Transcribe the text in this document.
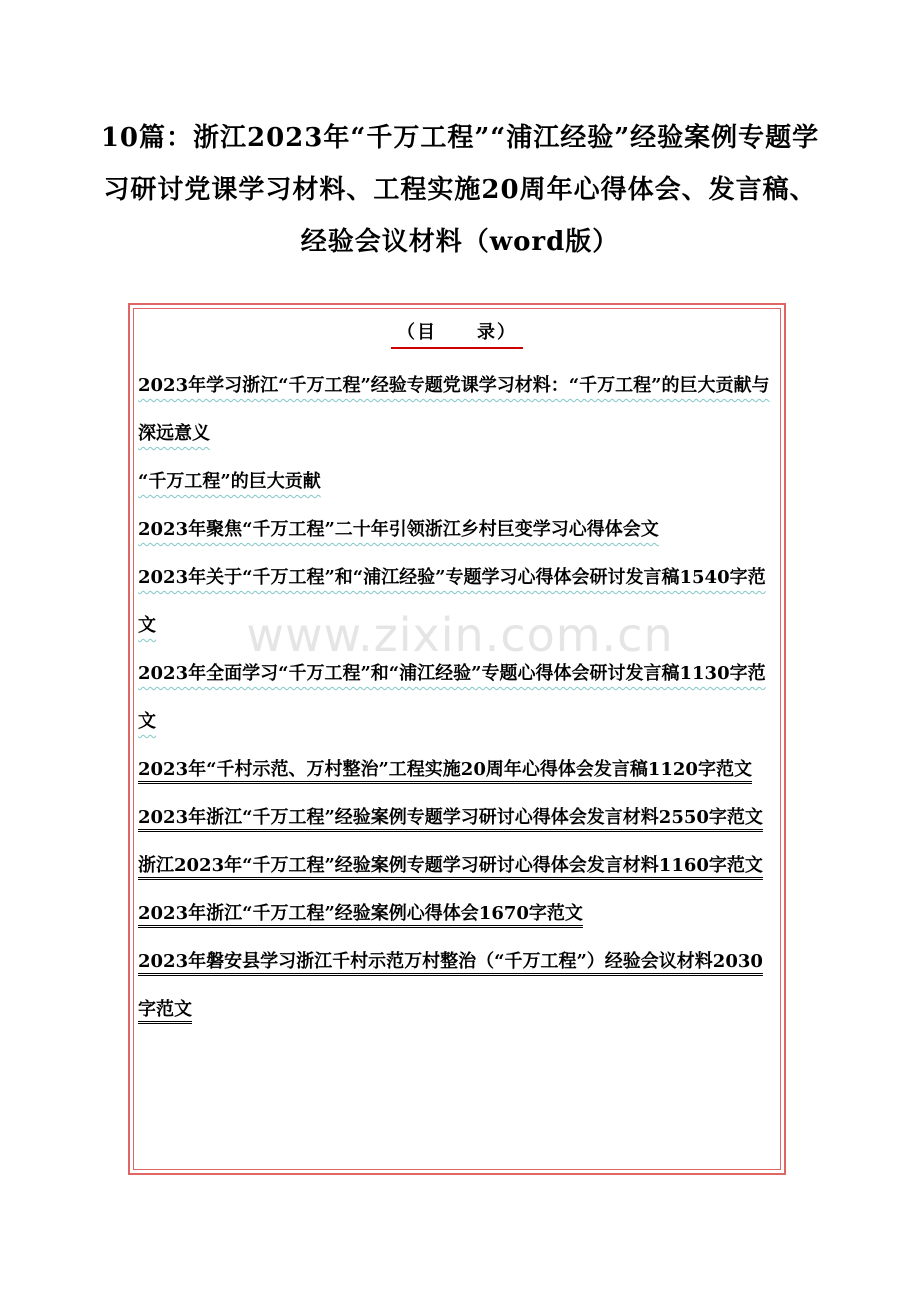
10篇：浙江2023年“千万工程”“浦江经验”经验案例专题学习研讨党课学习材料、工程实施20周年心得体会、发言稿、经验会议材料（word版）
（目　　录）
2023年学习浙江“千万工程”经验专题党课学习材料：“千万工程”的巨大贡献与深远意义
“千万工程”的巨大贡献
2023年聚焦“千万工程”二十年引领浙江乡村巨变学习心得体会文
2023年关于“千万工程”和“浦江经验”专题学习心得体会研讨发言稿1540字范文
2023年全面学习“千万工程”和“浦江经验”专题心得体会研讨发言稿1130字范文
2023年“千村示范、万村整治”工程实施20周年心得体会发言稿1120字范文
2023年浙江“千万工程”经验案例专题学习研讨心得体会发言材料2550字范文
浙江2023年“千万工程”经验案例专题学习研讨心得体会发言材料1160字范文
2023年浙江“千万工程”经验案例心得体会1670字范文
2023年磐安县学习浙江千村示范万村整治（“千万工程”）经验会议材料2030字范文
www.zixin.com.cn
